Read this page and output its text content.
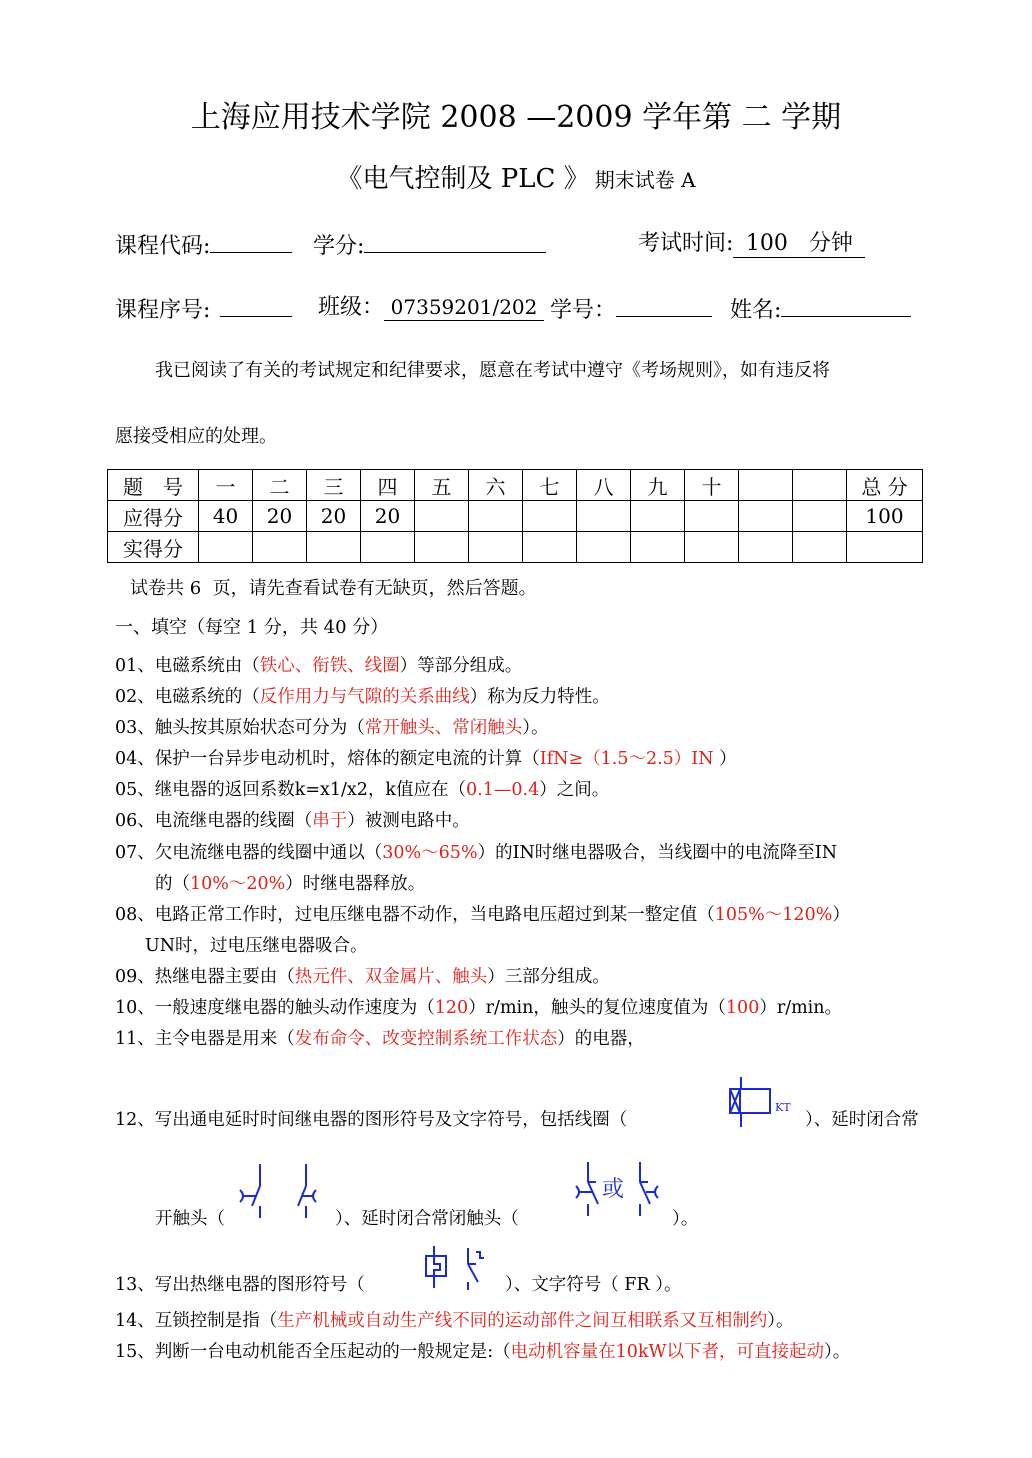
上海应用技术学院 2008 —2009 学年第 二 学期
《电气控制及 PLC 》 期末试卷 A
课程代码:	学分:	考试时间: 100   分钟
课程序号:	班级： 07359201/202 学号：	姓名:
我已阅读了有关的考试规定和纪律要求，愿意在考试中遵守《考场规则》，如有违反将
愿接受相应的处理。
题　号	一	二	三	四	五	六	七	八	九	十			总 分
应得分	40	20	20	20									100
实得分													
试卷共 6  页，请先查看试卷有无缺页，然后答题。
一、填空（每空 1 分，共 40 分）
01、电磁系统由（铁心、衔铁、线圈）等部分组成。
02、电磁系统的（反作用力与气隙的关系曲线）称为反力特性。
03、触头按其原始状态可分为（常开触头、常闭触头）。
04、保护一台异步电动机时，熔体的额定电流的计算（IfN≥（1.5～2.5）IN ）
05、继电器的返回系数k=x1/x2，k值应在（0.1—0.4）之间。
06、电流继电器的线圈（串于）被测电路中。
07、欠电流继电器的线圈中通以（30%～65%）的IN时继电器吸合，当线圈中的电流降至IN
的（10%～20%）时继电器释放。
08、电路正常工作时，过电压继电器不动作，当电路电压超过到某一整定值（105%～120%）
UN时，过电压继电器吸合。
09、热继电器主要由（热元件、双金属片、触头）三部分组成。
10、一般速度继电器的触头动作速度为（120）r/min，触头的复位速度值为（100）r/min。
11、主令电器是用来（发布命令、改变控制系统工作状态）的电器，
12、写出通电延时时间继电器的图形符号及文字符号，包括线圈（
KT
）、延时闭合常
开触头（	）、延时闭合常闭触头（
或
）。
13、写出热继电器的图形符号（	）、文字符号（ FR ）。
14、互锁控制是指（生产机械或自动生产线不同的运动部件之间互相联系又互相制约）。
15、判断一台电动机能否全压起动的一般规定是:（电动机容量在10kW以下者，可直接起动）。
